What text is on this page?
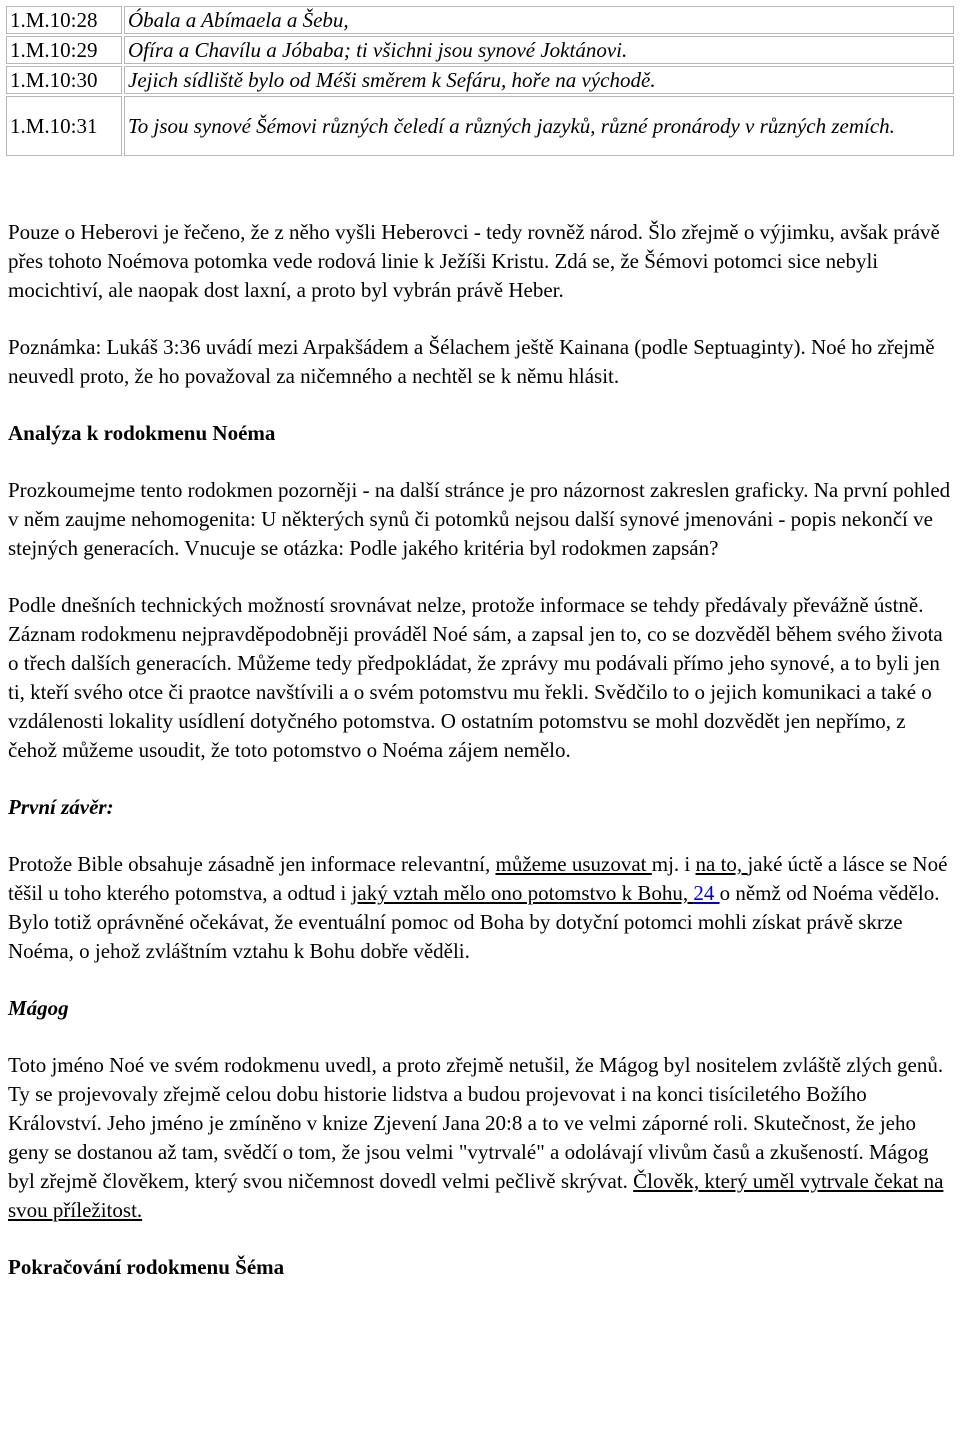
1.M.10:28	Óbala a Abímaela a Šebu,
1.M.10:29	Ofíra a Chavílu a Jóbaba; ti všichni jsou synové Joktánovi.
1.M.10:30	Jejich sídliště bylo od Méši směrem k Sefáru, hoře na východě.
1.M.10:31	To jsou synové Šémovi různých čeledí a různých jazyků, různé pronárody v různých zemích.

Pouze o Heberovi je řečeno, že z něho vyšli Heberovci - tedy rovněž národ. Šlo zřejmě o výjimku, avšak právě přes tohoto Noémova potomka vede rodová linie k Ježíši Kristu. Zdá se, že Šémovi potomci sice nebyli mocichtiví, ale naopak dost laxní, a proto byl vybrán právě Heber.

Poznámka: Lukáš 3:36 uvádí mezi Arpakšádem a Šélachem ještě Kainana (podle Septuaginty). Noé ho zřejmě neuvedl proto, že ho považoval za ničemného a nechtěl se k němu hlásit.

Analýza k rodokmenu Noéma

Prozkoumejme tento rodokmen pozorněji - na další stránce je pro názornost zakreslen graficky. Na první pohled v něm zaujme nehomogenita: U některých synů či potomků nejsou další synové jmenováni - popis nekončí ve stejných generacích. Vnucuje se otázka: Podle jakého kritéria byl rodokmen zapsán?

Podle dnešních technických možností srovnávat nelze, protože informace se tehdy předávaly převážně ústně. Záznam rodokmenu nejpravděpodobněji prováděl Noé sám, a zapsal jen to, co se dozvěděl během svého života o třech dalších generacích. Můžeme tedy předpokládat, že zprávy mu podávali přímo jeho synové, a to byli jen ti, kteří svého otce či praotce navštívili a o svém potomstvu mu řekli. Svědčilo to o jejich komunikaci a také o vzdálenosti lokality usídlení dotyčného potomstva. O ostatním potomstvu se mohl dozvědět jen nepřímo, z čehož můžeme usoudit, že toto potomstvo o Noéma zájem nemělo.

První závěr:

Protože Bible obsahuje zásadně jen informace relevantní, můžeme usuzovat mj. i na to, jaké úctě a lásce se Noé těšil u toho kterého potomstva, a odtud i jaký vztah mělo ono potomstvo k Bohu, 24 o němž od Noéma vědělo. Bylo totiž oprávněné očekávat, že eventuální pomoc od Boha by dotyční potomci mohli získat právě skrze Noéma, o jehož zvláštním vztahu k Bohu dobře věděli.

Mágog

Toto jméno Noé ve svém rodokmenu uvedl, a proto zřejmě netušil, že Mágog byl nositelem zvláště zlých genů. Ty se projevovaly zřejmě celou dobu historie lidstva a budou projevovat i na konci tisíciletého Božího Království. Jeho jméno je zmíněno v knize Zjevení Jana 20:8 a to ve velmi záporné roli. Skutečnost, že jeho geny se dostanou až tam, svědčí o tom, že jsou velmi "vytrvalé" a odolávají vlivům časů a zkušeností. Mágog byl zřejmě člověkem, který svou ničemnost dovedl velmi pečlivě skrývat. Člověk, který uměl vytrvale čekat na svou příležitost.

Pokračování rodokmenu Šéma
